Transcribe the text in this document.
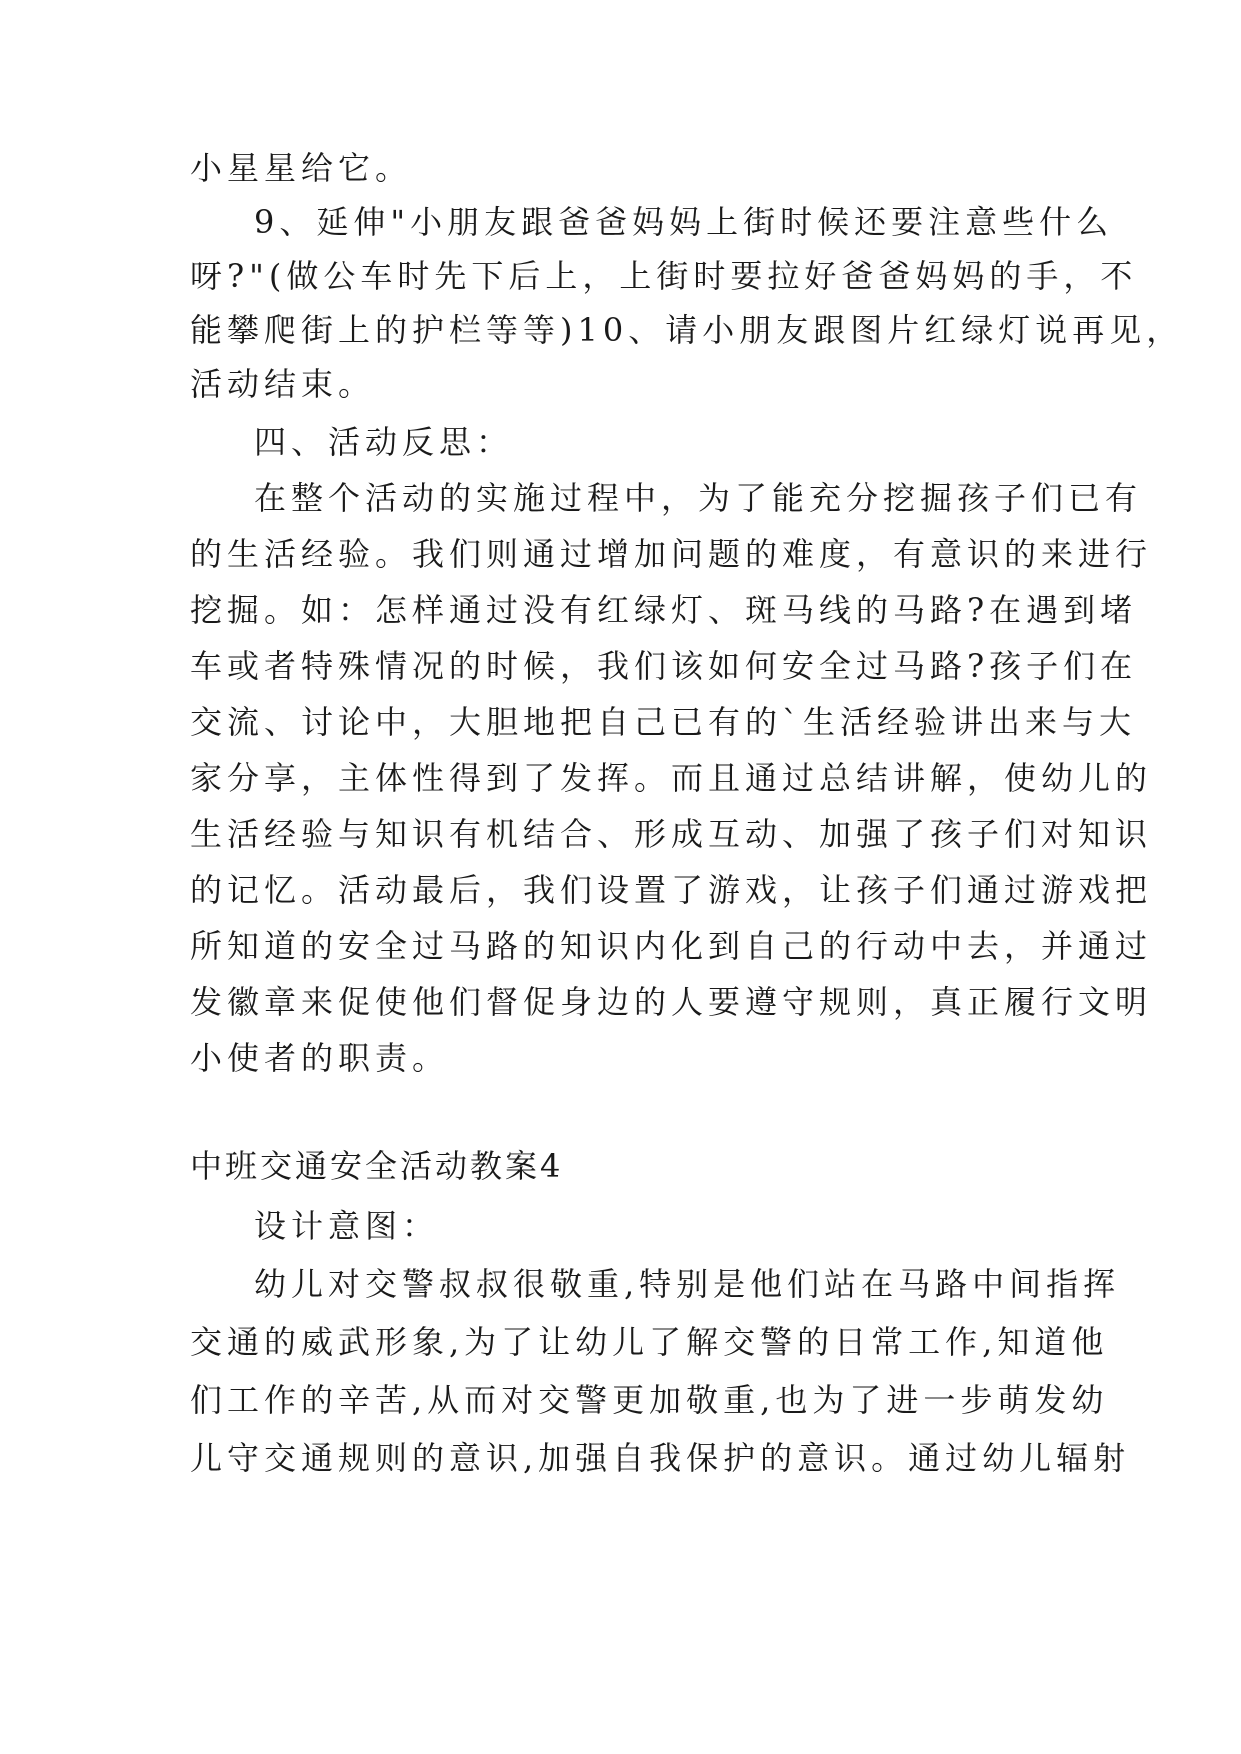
小星星给它。
9、延伸"小朋友跟爸爸妈妈上街时候还要注意些什么
呀?"(做公车时先下后上，上街时要拉好爸爸妈妈的手，不
能攀爬街上的护栏等等)10、请小朋友跟图片红绿灯说再见，
活动结束。
四、活动反思：
在整个活动的实施过程中，为了能充分挖掘孩子们已有
的生活经验。我们则通过增加问题的难度，有意识的来进行
挖掘。如：怎样通过没有红绿灯、斑马线的马路?在遇到堵
车或者特殊情况的时候，我们该如何安全过马路?孩子们在
交流、讨论中，大胆地把自己已有的`生活经验讲出来与大
家分享，主体性得到了发挥。而且通过总结讲解，使幼儿的
生活经验与知识有机结合、形成互动、加强了孩子们对知识
的记忆。活动最后，我们设置了游戏，让孩子们通过游戏把
所知道的安全过马路的知识内化到自己的行动中去，并通过
发徽章来促使他们督促身边的人要遵守规则，真正履行文明
小使者的职责。
中班交通安全活动教案4
设计意图：
幼儿对交警叔叔很敬重,特别是他们站在马路中间指挥
交通的威武形象,为了让幼儿了解交警的日常工作,知道他
们工作的辛苦,从而对交警更加敬重,也为了进一步萌发幼
儿守交通规则的意识,加强自我保护的意识。通过幼儿辐射
